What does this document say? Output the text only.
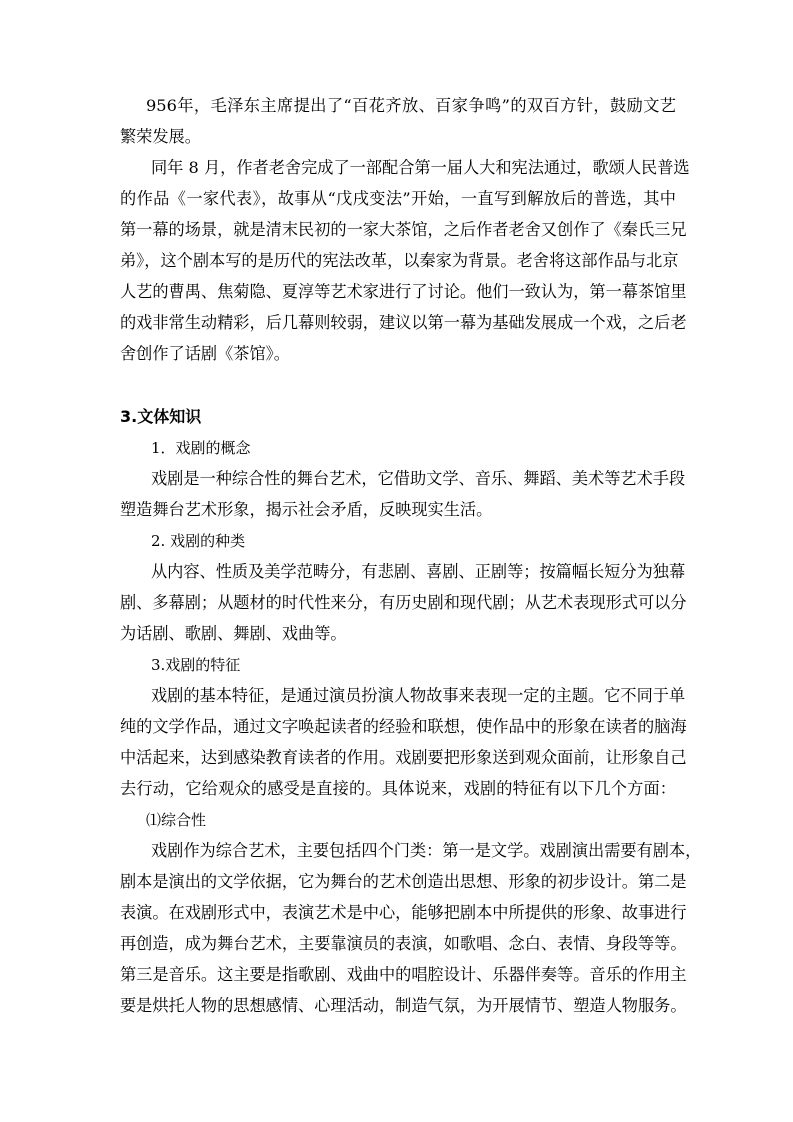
956年，毛泽东主席提出了“百花齐放、百家争鸣”的双百方针，鼓励文艺
繁荣发展。
同年 8 月，作者老舍完成了一部配合第一届人大和宪法通过，歌颂人民普选
的作品《一家代表》，故事从“戊戌变法”开始，一直写到解放后的普选，其中
第一幕的场景，就是清末民初的一家大茶馆，之后作者老舍又创作了《秦氏三兄
弟》，这个剧本写的是历代的宪法改革，以秦家为背景。老舍将这部作品与北京
人艺的曹禺、焦菊隐、夏淳等艺术家进行了讨论。他们一致认为，第一幕茶馆里
的戏非常生动精彩，后几幕则较弱，建议以第一幕为基础发展成一个戏，之后老
舍创作了话剧《茶馆》。
3.文体知识
1．戏剧的概念
戏剧是一种综合性的舞台艺术，它借助文学、音乐、舞蹈、美术等艺术手段
塑造舞台艺术形象，揭示社会矛盾，反映现实生活。
2. 戏剧的种类
从内容、性质及美学范畴分，有悲剧、喜剧、正剧等；按篇幅长短分为独幕
剧、多幕剧；从题材的时代性来分，有历史剧和现代剧；从艺术表现形式可以分
为话剧、歌剧、舞剧、戏曲等。
3.戏剧的特征
戏剧的基本特征，是通过演员扮演人物故事来表现一定的主题。它不同于单
纯的文学作品，通过文字唤起读者的经验和联想，使作品中的形象在读者的脑海
中活起来，达到感染教育读者的作用。戏剧要把形象送到观众面前，让形象自己
去行动，它给观众的感受是直接的。具体说来，戏剧的特征有以下几个方面：
⑴综合性
戏剧作为综合艺术，主要包括四个门类：第一是文学。戏剧演出需要有剧本，
剧本是演出的文学依据，它为舞台的艺术创造出思想、形象的初步设计。第二是
表演。在戏剧形式中，表演艺术是中心，能够把剧本中所提供的形象、故事进行
再创造，成为舞台艺术，主要靠演员的表演，如歌唱、念白、表情、身段等等。
第三是音乐。这主要是指歌剧、戏曲中的唱腔设计、乐器伴奏等。音乐的作用主
要是烘托人物的思想感情、心理活动，制造气氛，为开展情节、塑造人物服务。
